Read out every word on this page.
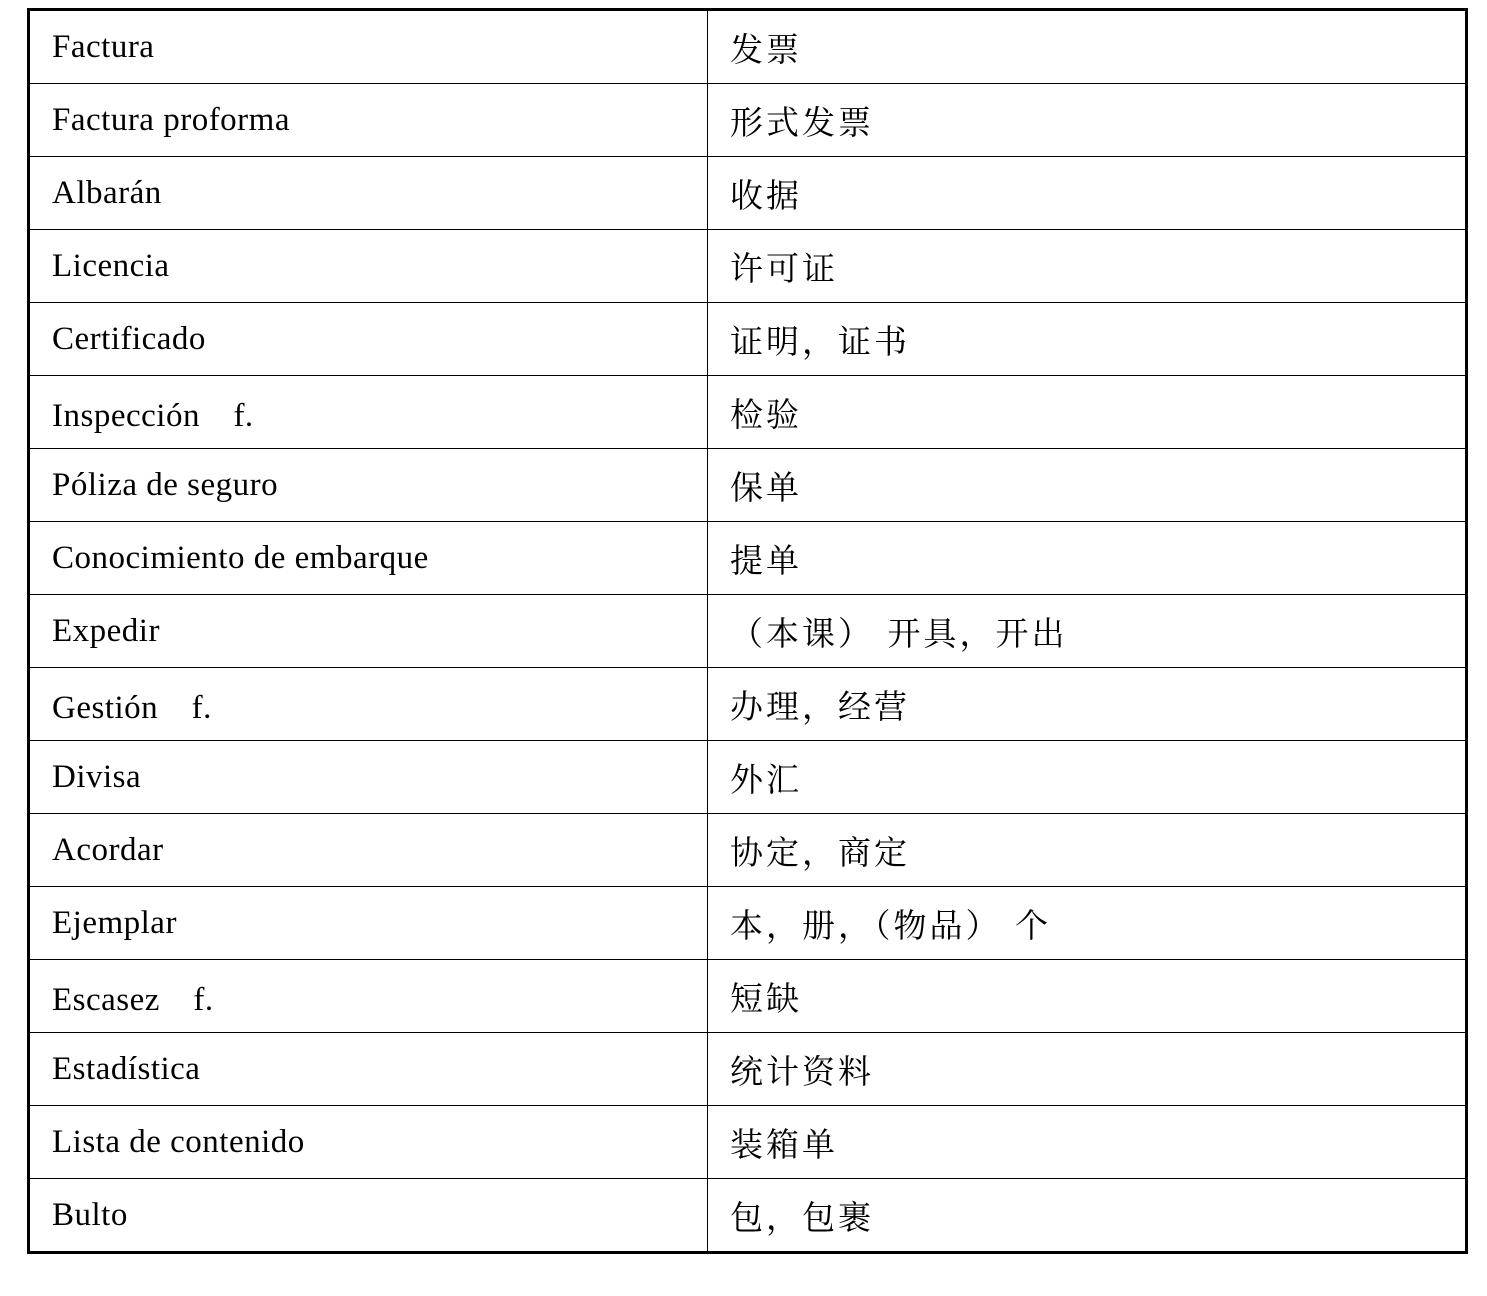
Factura	发票
Factura proforma	形式发票
Albarán	收据
Licencia	许可证
Certificado	证明，证书
Inspección　f.	检验
Póliza de seguro	保单
Conocimiento de embarque	提单
Expedir	（本课） 开具，开出
Gestión　f.	办理，经营
Divisa	外汇
Acordar	协定，商定
Ejemplar	本，册，（物品） 个
Escasez　f.	短缺
Estadística	统计资料
Lista de contenido	装箱单
Bulto	包，包裹
